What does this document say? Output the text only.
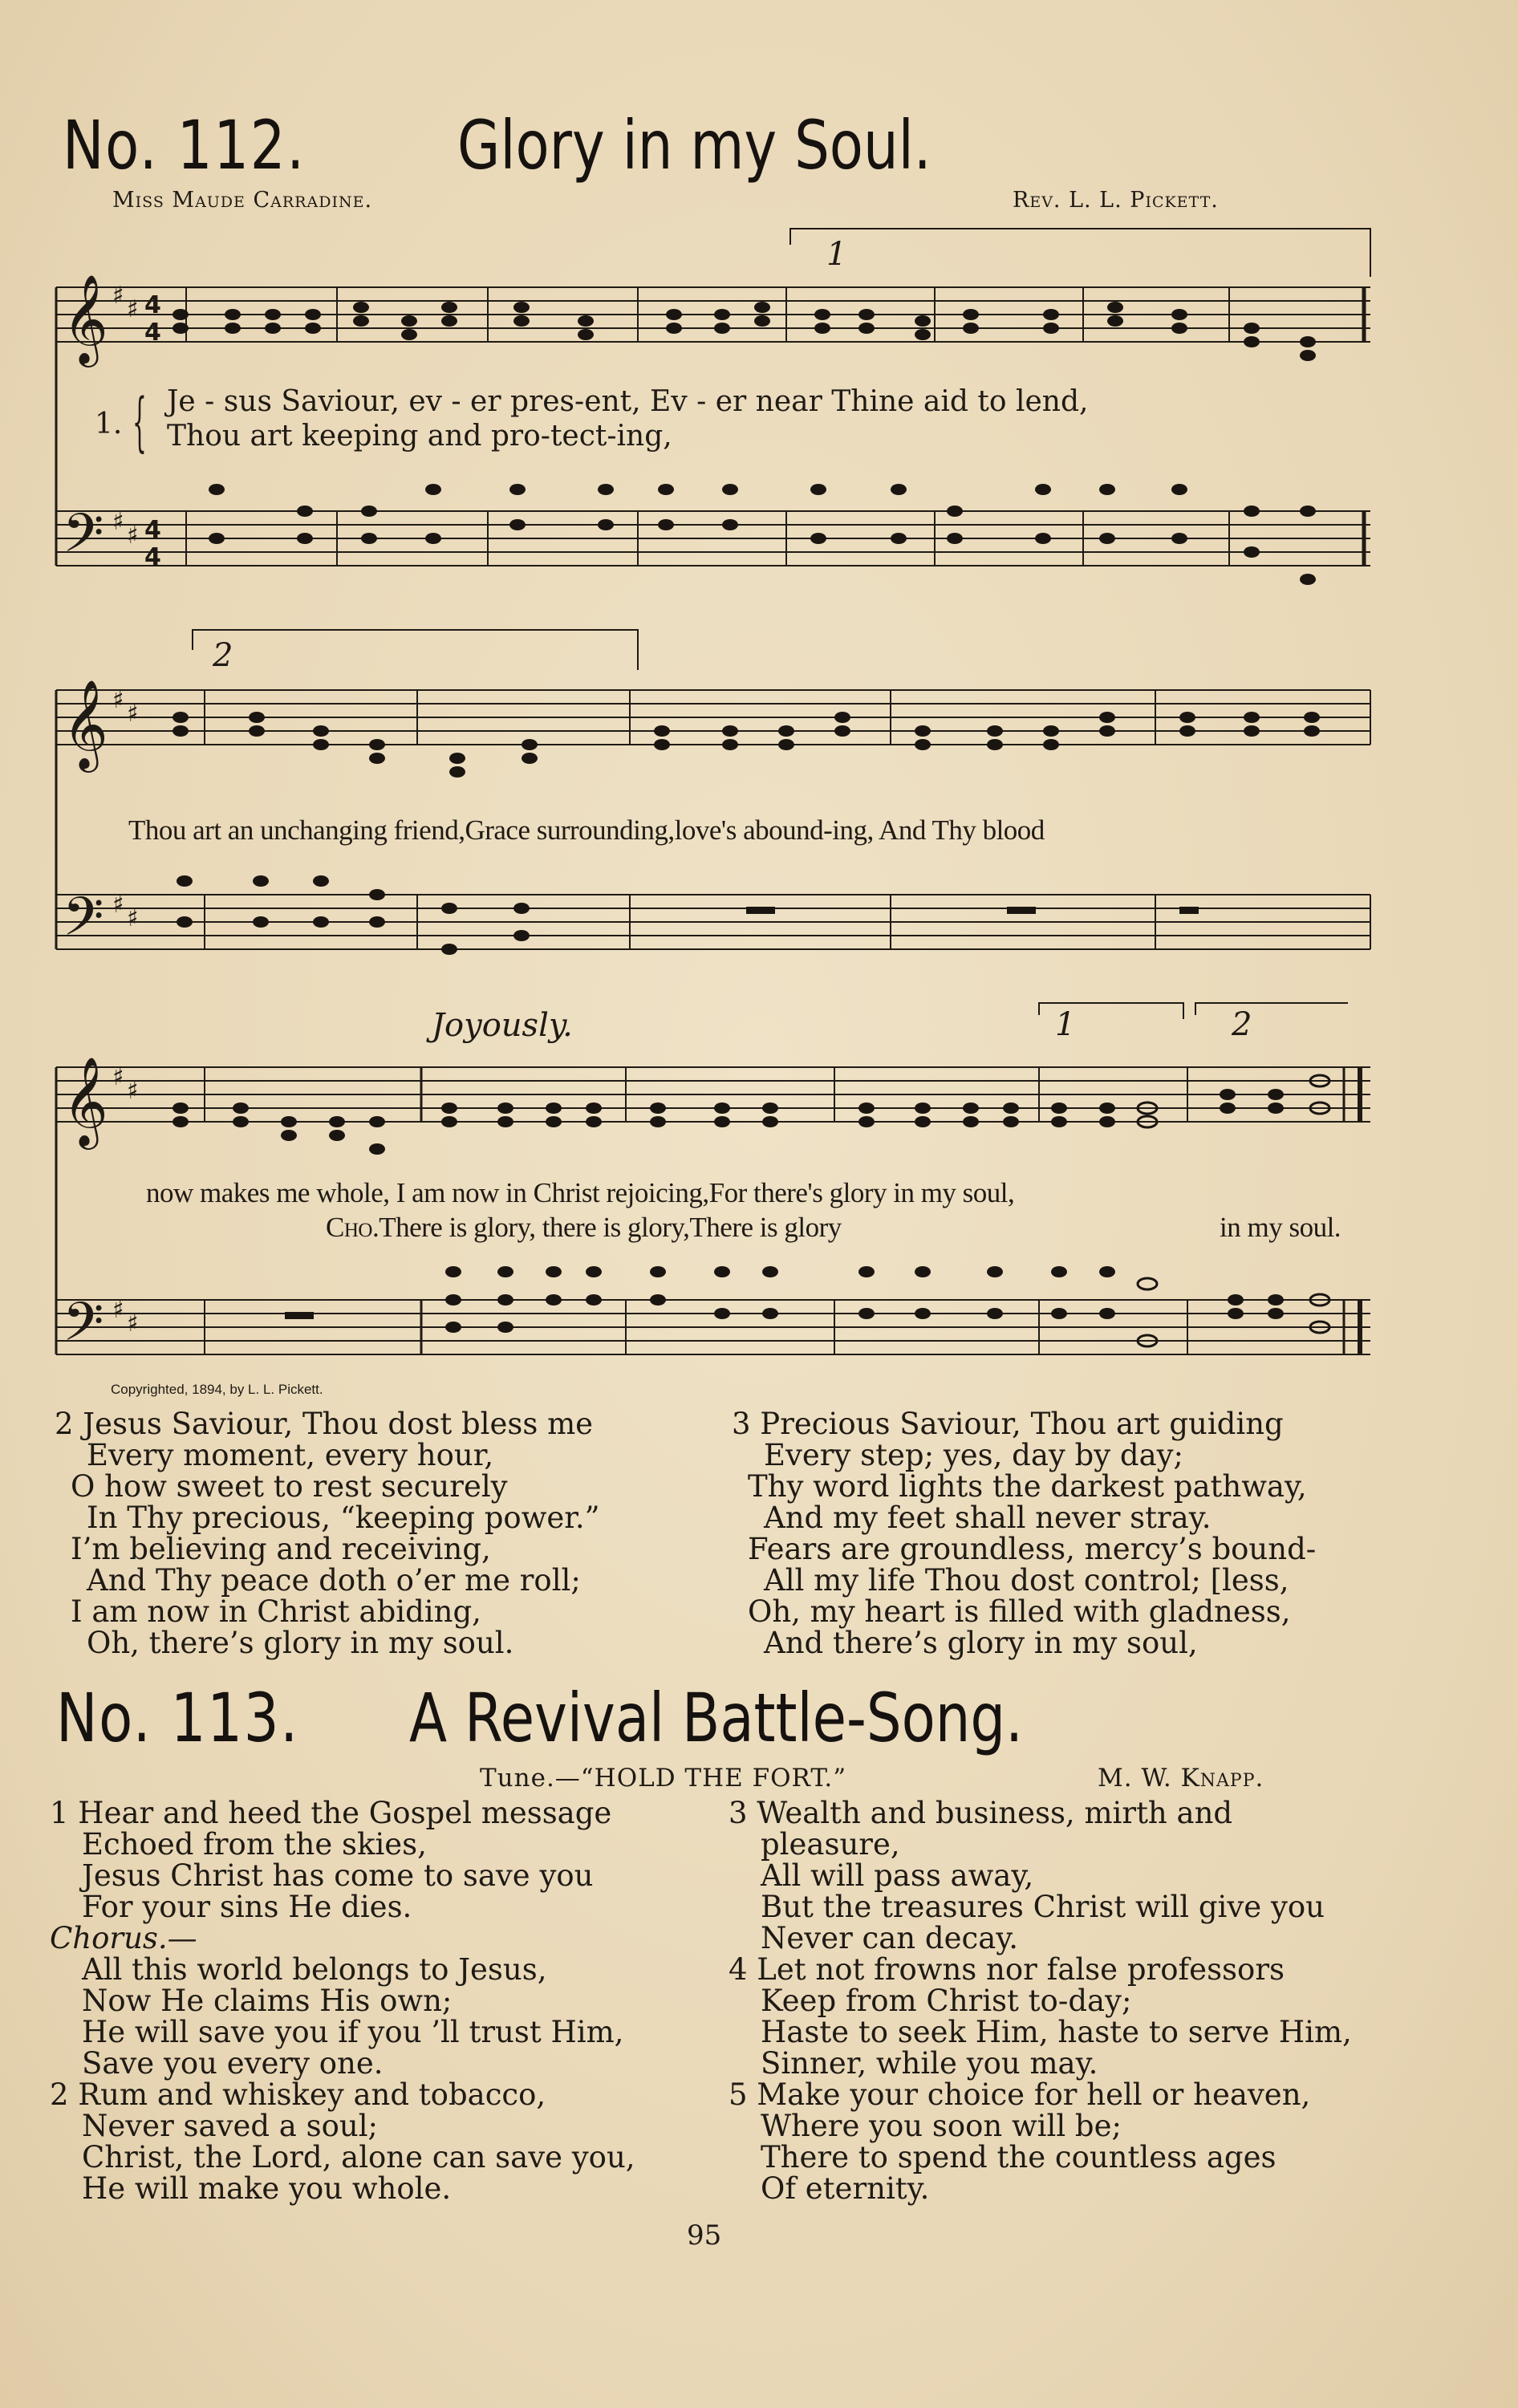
No. 112. Glory in my Soul.
Miss Maude Carradine.	Rev. L. L. Pickett.
𝄞
𝄢
𝄞
𝄢
𝄞
𝄢
♯ ♯
♯ ♯
♯ ♯
♯ ♯
♯ ♯
♯ ♯
4
4
4
4
1
2
1	2
1. { Je - sus Saviour, ev - er pres-ent, Ev - er near Thine aid to lend,
Thou art keeping and pro-tect-ing,
Thou art an unchanging friend,Grace surrounding,love's abound-ing, And Thy blood
Joyously.
now makes me whole, I am now in Christ rejoicing,For there's glory in my soul,
Cho.There is glory, there is glory,There is glory	in my soul.
Copyrighted, 1894, by L. L. Pickett.
2 Jesus Saviour, Thou dost bless me
Every moment, every hour,
O how sweet to rest securely
In Thy precious, “keeping power.”
I’m believing and receiving,
And Thy peace doth o’er me roll;
I am now in Christ abiding,
Oh, there’s glory in my soul.
3 Precious Saviour, Thou art guiding
Every step; yes, day by day;
Thy word lights the darkest pathway,
And my feet shall never stray.
Fears are groundless, mercy’s bound-
All my life Thou dost control; [less,
Oh, my heart is filled with gladness,
And there’s glory in my soul,
No. 113. A Revival Battle-Song.
Tune.—“HOLD THE FORT.”	M. W. Knapp.
1 Hear and heed the Gospel message
Echoed from the skies,
Jesus Christ has come to save you
For your sins He dies.
Chorus.—
All this world belongs to Jesus,
Now He claims His own;
He will save you if you ’ll trust Him,
Save you every one.
2 Rum and whiskey and tobacco,
Never saved a soul;
Christ, the Lord, alone can save you,
He will make you whole.
3 Wealth and business, mirth and
pleasure,
All will pass away,
But the treasures Christ will give you
Never can decay.
4 Let not frowns nor false professors
Keep from Christ to-day;
Haste to seek Him, haste to serve Him,
Sinner, while you may.
5 Make your choice for hell or heaven,
Where you soon will be;
There to spend the countless ages
Of eternity.
95
